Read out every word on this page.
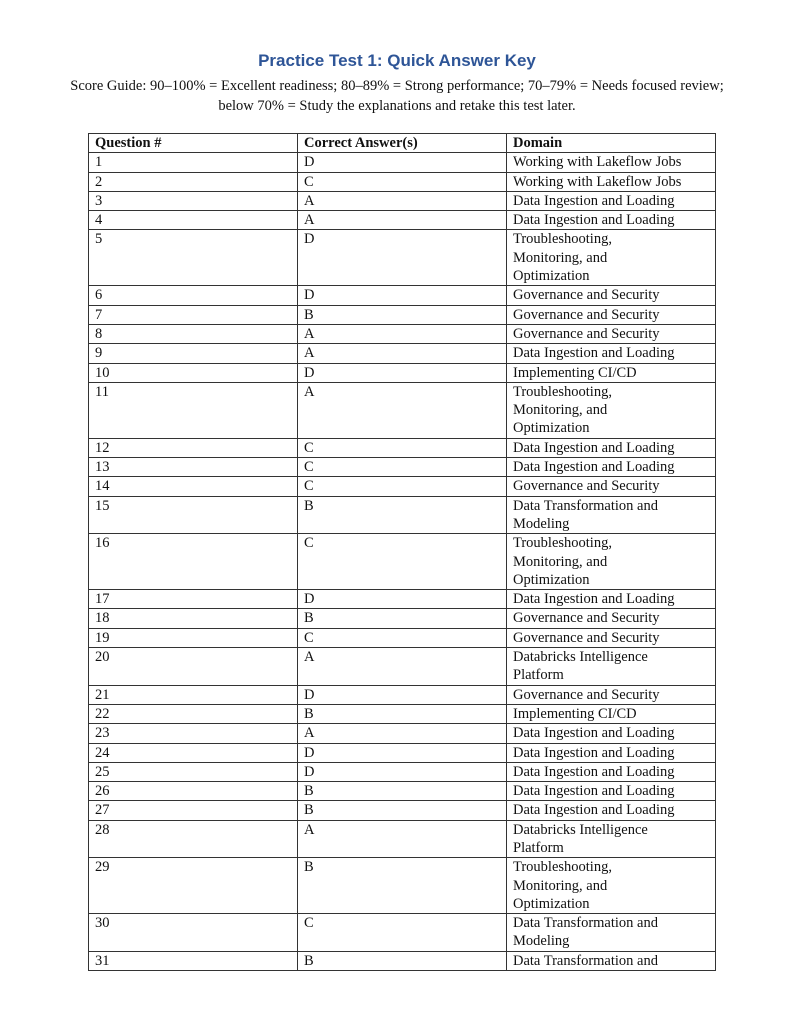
Practice Test 1: Quick Answer Key
Score Guide: 90–100% = Excellent readiness; 80–89% = Strong performance; 70–79% = Needs focused review; below 70% = Study the explanations and retake this test later.
Question #	Correct Answer(s)	Domain
1	D	Working with Lakeflow Jobs
2	C	Working with Lakeflow Jobs
3	A	Data Ingestion and Loading
4	A	Data Ingestion and Loading
5	D	Troubleshooting,
Monitoring, and
Optimization
6	D	Governance and Security
7	B	Governance and Security
8	A	Governance and Security
9	A	Data Ingestion and Loading
10	D	Implementing CI/CD
11	A	Troubleshooting,
Monitoring, and
Optimization
12	C	Data Ingestion and Loading
13	C	Data Ingestion and Loading
14	C	Governance and Security
15	B	Data Transformation and
Modeling
16	C	Troubleshooting,
Monitoring, and
Optimization
17	D	Data Ingestion and Loading
18	B	Governance and Security
19	C	Governance and Security
20	A	Databricks Intelligence
Platform
21	D	Governance and Security
22	B	Implementing CI/CD
23	A	Data Ingestion and Loading
24	D	Data Ingestion and Loading
25	D	Data Ingestion and Loading
26	B	Data Ingestion and Loading
27	B	Data Ingestion and Loading
28	A	Databricks Intelligence
Platform
29	B	Troubleshooting,
Monitoring, and
Optimization
30	C	Data Transformation and
Modeling
31	B	Data Transformation and
